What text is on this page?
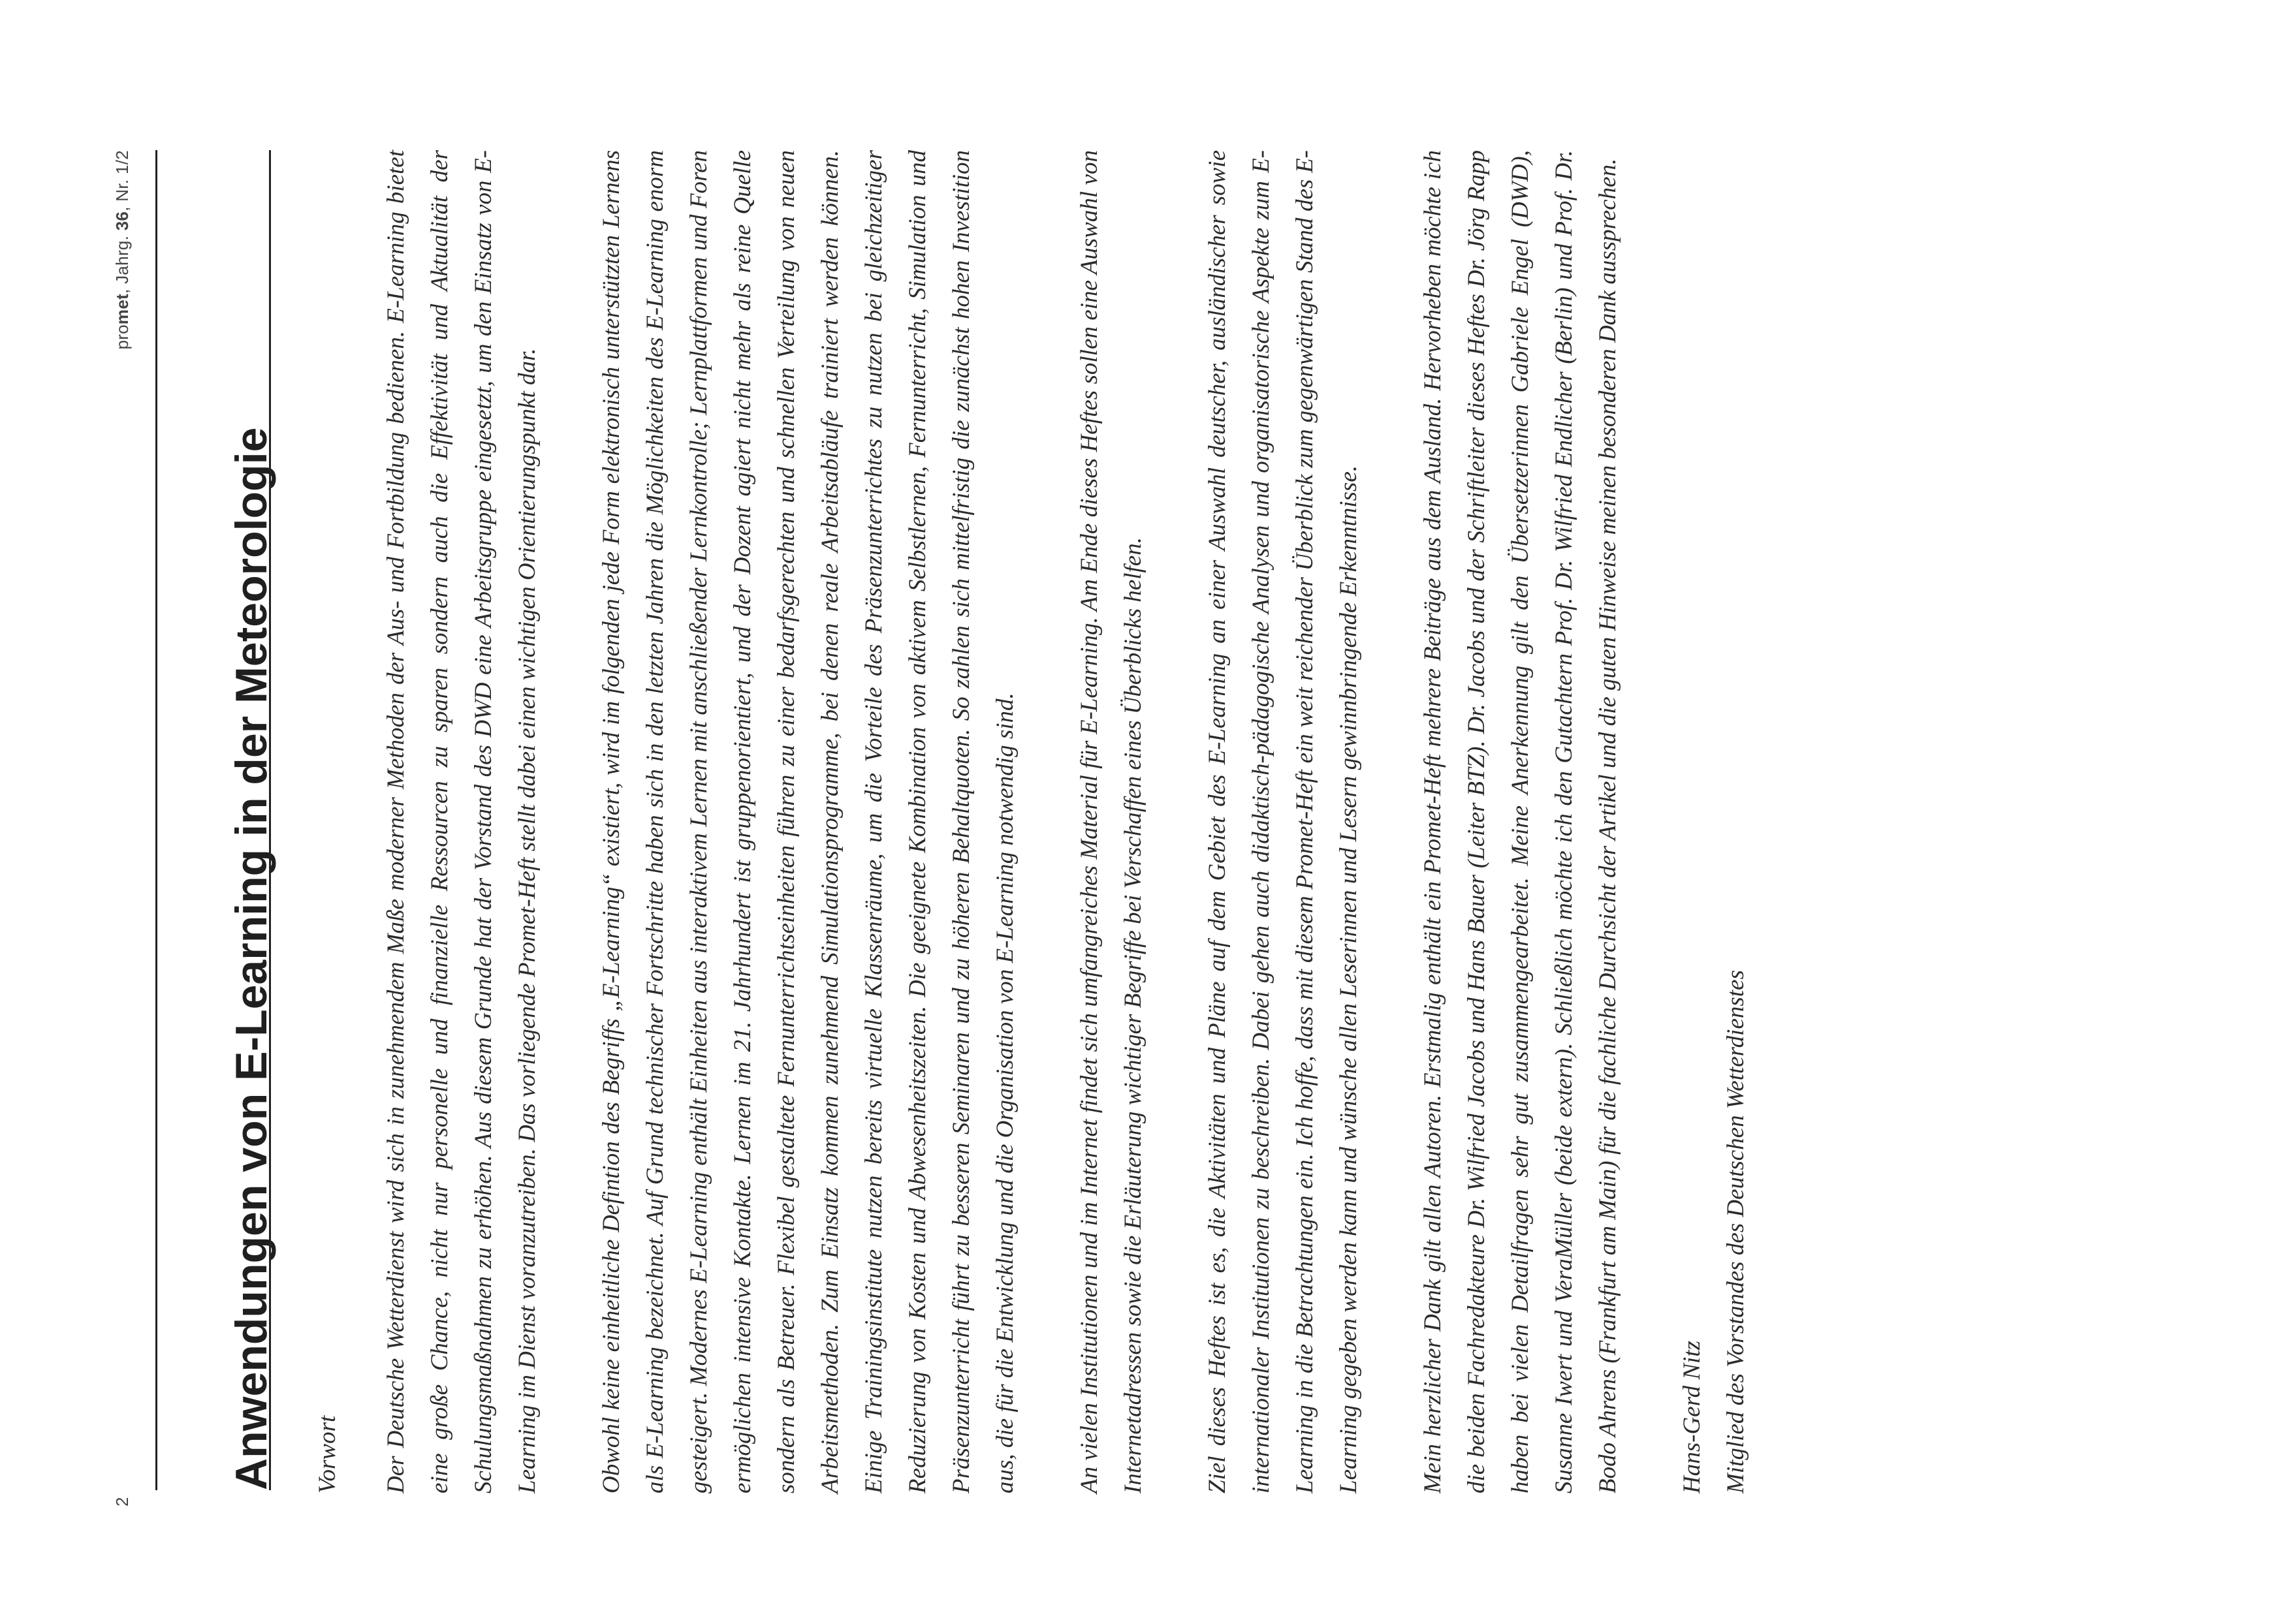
2
promet, Jahrg. 36, Nr. 1/2
Anwendungen von E-Learning in der Meteorologie Vorwort	Der Deutsche Wetterdienst wird sich in zunehmendem Maße moderner Methoden der Aus- und Fortbildung bedienen. E-Learning bietet eine große Chance, nicht nur personelle und finanzielle Ressourcen zu sparen sondern auch die Effektivität und Aktualität der Schulungsmaßnahmen zu erhöhen. Aus diesem Grunde hat der Vorstand des DWD eine Arbeitsgruppe eingesetzt, um den Einsatz von E-Learning im Dienst voranzutreiben. Das vorliegende Promet-Heft stellt dabei einen wichtigen Orientierungspunkt dar.	Obwohl keine einheitliche Defintion des Begriffs „E-Learning“ existiert, wird im folgenden jede Form elektronisch unterstützten Lernens als E-Learning bezeichnet. Auf Grund technischer Fortschritte haben sich in den letzten Jahren die Möglichkeiten des E-Learning enorm gesteigert. Modernes E-Learning enthält Einheiten aus interaktivem Lernen mit anschließender Lernkontrolle; Lernplattformen und Foren ermöglichen intensive Kontakte. Lernen im 21. Jahrhundert ist gruppenorientiert, und der Dozent agiert nicht mehr als reine Quelle sondern als Betreuer. Flexibel gestaltete Fernunterrichtseinheiten führen zu einer bedarfsgerechten und schnellen Verteilung von neuen Arbeitsmethoden. Zum Einsatz kommen zunehmend Simulationsprogramme, bei denen reale Arbeitsabläufe trainiert werden können. Einige Trainingsinstitute nutzen bereits virtuelle Klassenräume, um die Vorteile des Präsenzunterrichtes zu nutzen bei gleichzeitiger Reduzierung von Kosten und Abwesenheitszeiten. Die geeignete Kombination von aktivem Selbstlernen, Fernunterricht, Simulation und Präsenzunterricht führt zu besseren Seminaren und zu höheren Behaltquoten. So zahlen sich mittelfristig die zunächst hohen Investition aus, die für die Entwicklung und die Organisation von E-Learning notwendig sind.	An vielen Institutionen und im Internet findet sich umfangreiches Material für E-Learning. Am Ende dieses Heftes sollen eine Auswahl von Internetadressen sowie die Erläuterung wichtiger Begriffe bei Verschaffen eines Überblicks helfen.	Ziel dieses Heftes ist es, die Aktivitäten und Pläne auf dem Gebiet des E-Learning an einer Auswahl deutscher, ausländischer sowie internationaler Institutionen zu beschreiben. Dabei gehen auch didaktisch-pädagogische Analysen und organisatorische Aspekte zum E-Learning in die Betrachtungen ein. Ich hoffe, dass mit diesem Promet-Heft ein weit reichender Überblick zum gegenwärtigen Stand des E-Learning gegeben werden kann und wünsche allen Leserinnen und Lesern gewinnbringende Erkenntnisse.	Mein herzlicher Dank gilt allen Autoren. Erstmalig enthält ein Promet-Heft mehrere Beiträge aus dem Ausland. Hervorheben möchte ich die beiden Fachredakteure Dr. Wilfried Jacobs und Hans Bauer (Leiter BTZ). Dr. Jacobs und der Schriftleiter dieses Heftes Dr. Jörg Rapp haben bei vielen Detailfragen sehr gut zusammengearbeitet. Meine Anerkennung gilt den Übersetzerinnen Gabriele Engel (DWD), Susanne Iwert und VeraMüller (beide extern). Schließlich möchte ich den Gutachtern Prof. Dr. Wilfried Endlicher (Berlin) und Prof. Dr. Bodo Ahrens (Frankfurt am Main) für die fachliche Durchsicht der Artikel und die guten Hinweise meinen besonderen Dank aussprechen.	Hans-Gerd Nitz Mitglied des Vorstandes des Deutschen Wetterdienstes
